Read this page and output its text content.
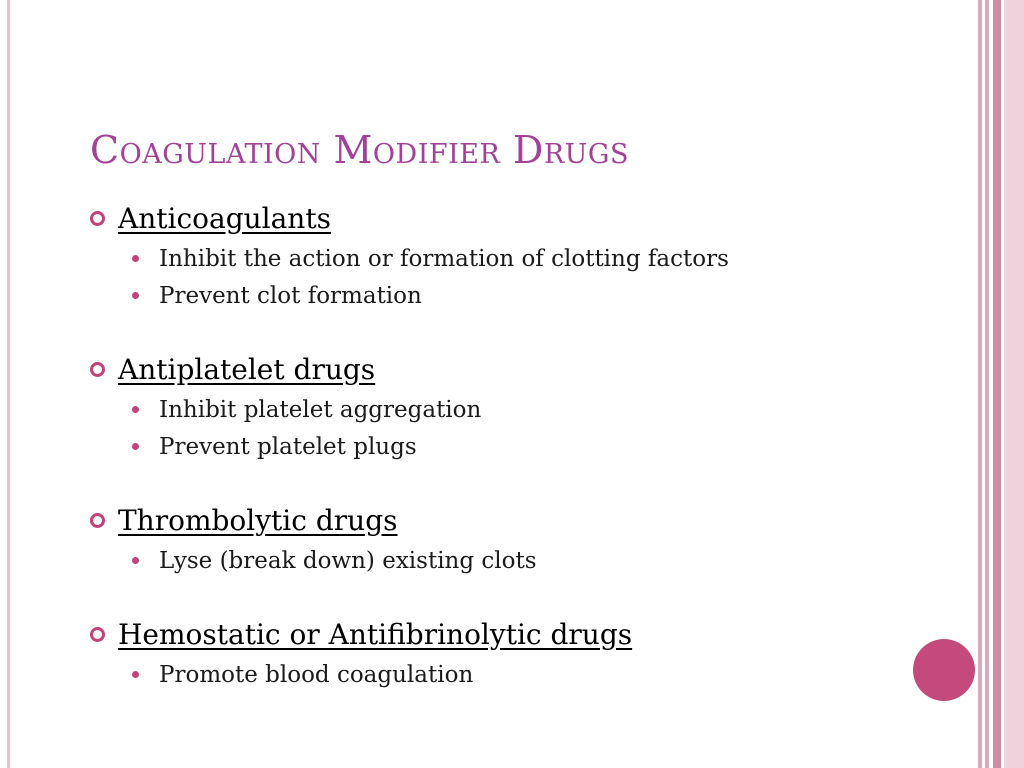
Coagulation Modifier Drugs
Anticoagulants
Inhibit the action or formation of clotting factors
Prevent clot formation
Antiplatelet drugs
Inhibit platelet aggregation
Prevent platelet plugs
Thrombolytic drugs
Lyse (break down) existing clots
Hemostatic or Antifibrinolytic drugs
Promote blood coagulation
